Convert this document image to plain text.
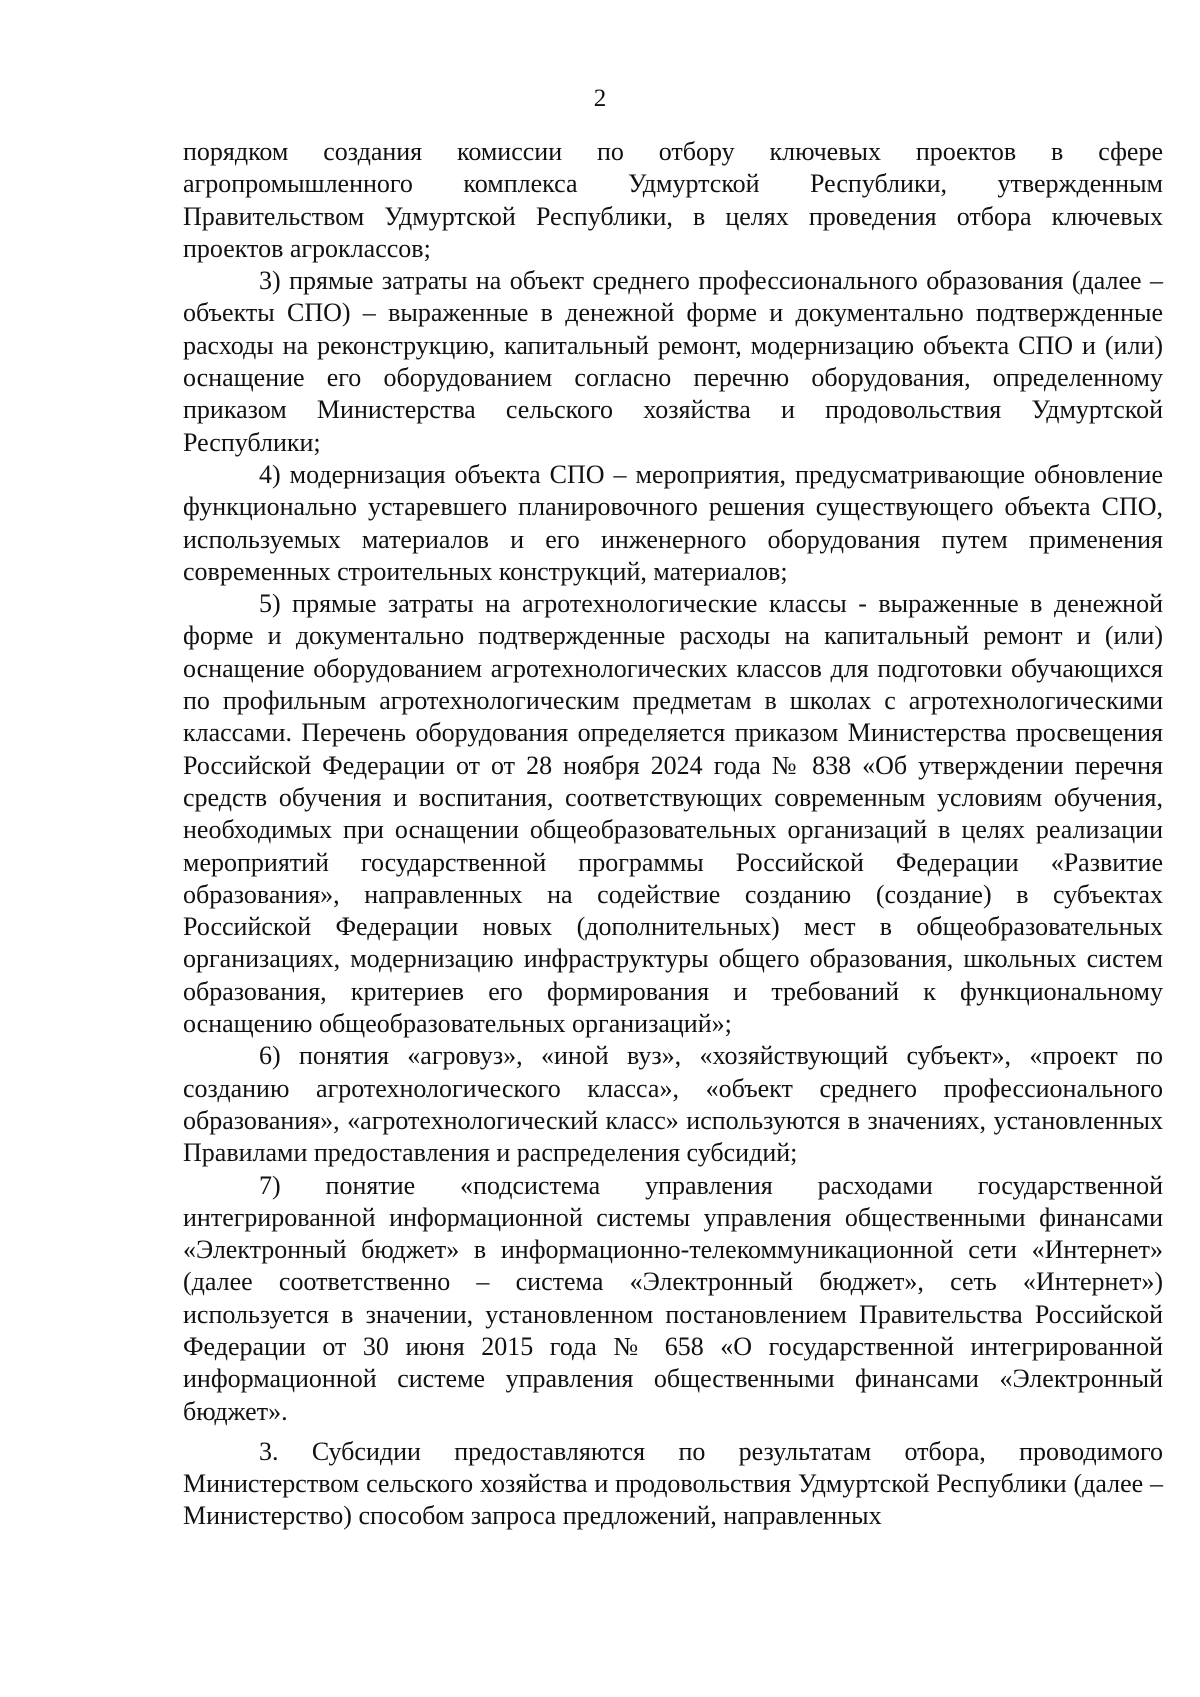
2

порядком создания комиссии по отбору ключевых проектов в сфере агропромышленного комплекса Удмуртской Республики, утвержденным Правительством Удмуртской Республики, в целях проведения отбора ключевых проектов агроклассов;

3) прямые затраты на объект среднего профессионального образования (далее – объекты СПО) – выраженные в денежной форме и документально подтвержденные расходы на реконструкцию, капитальный ремонт, модернизацию объекта СПО и (или) оснащение его оборудованием согласно перечню оборудования, определенному приказом Министерства сельского хозяйства и продовольствия Удмуртской Республики;

4) модернизация объекта СПО – мероприятия, предусматривающие обновление функционально устаревшего планировочного решения существующего объекта СПО, используемых материалов и его инженерного оборудования путем применения современных строительных конструкций, материалов;

5) прямые затраты на агротехнологические классы - выраженные в денежной форме и документально подтвержденные расходы на капитальный ремонт и (или) оснащение оборудованием агротехнологических классов для подготовки обучающихся по профильным агротехнологическим предметам в школах с агротехнологическими классами. Перечень оборудования определяется приказом Министерства просвещения Российской Федерации от от 28 ноября 2024 года № 838 «Об утверждении перечня средств обучения и воспитания, соответствующих современным условиям обучения, необходимых при оснащении общеобразовательных организаций в целях реализации мероприятий государственной программы Российской Федерации «Развитие образования», направленных на содействие созданию (создание) в субъектах Российской Федерации новых (дополнительных) мест в общеобразовательных организациях, модернизацию инфраструктуры общего образования, школьных систем образования, критериев его формирования и требований к функциональному оснащению общеобразовательных организаций»;

6) понятия «агровуз», «иной вуз», «хозяйствующий субъект», «проект по созданию агротехнологического класса», «объект среднего профессионального образования», «агротехнологический класс» используются в значениях, установленных Правилами предоставления и распределения субсидий;

7) понятие «подсистема управления расходами государственной интегрированной информационной системы управления общественными финансами «Электронный бюджет» в информационно-телекоммуникационной сети «Интернет» (далее соответственно – система «Электронный бюджет», сеть «Интернет») используется в значении, установленном постановлением Правительства Российской Федерации от 30 июня 2015 года № 658 «О государственной интегрированной информационной системе управления общественными финансами «Электронный бюджет».

3. Субсидии предоставляются по результатам отбора, проводимого Министерством сельского хозяйства и продовольствия Удмуртской Республики (далее – Министерство) способом запроса предложений, направленных
